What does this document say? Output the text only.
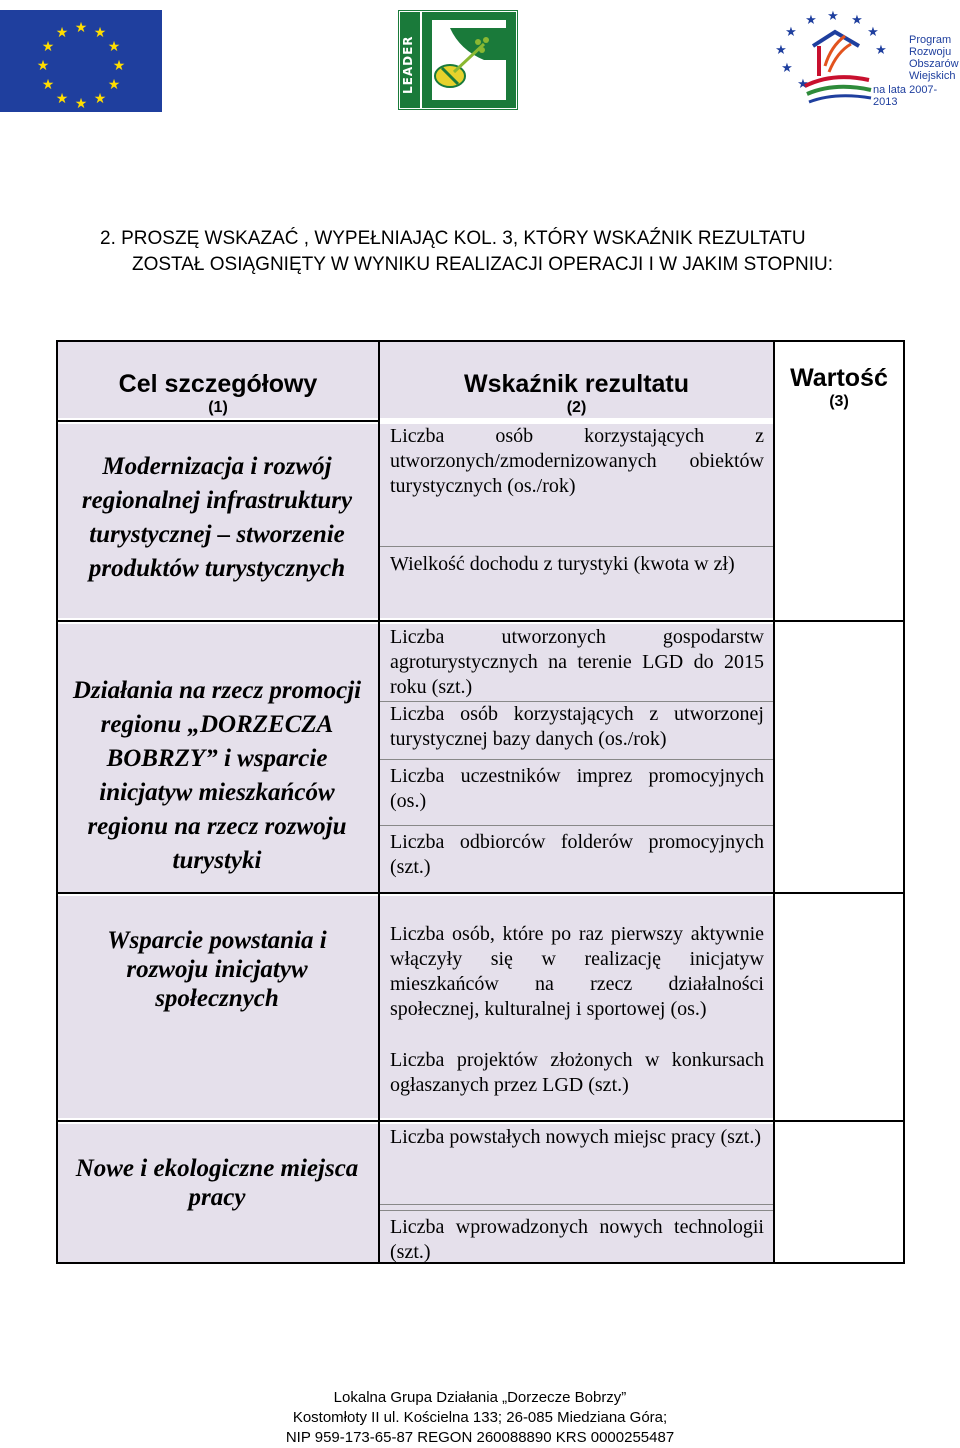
★ ★
★
★
★
★
★
★
★
★
★
★
LEADER
★
★
★
★
★ ★ ★
★
★
Program
Rozwoju
Obszarów
Wiejskich
na lata 2007-2013
2. PROSZĘ WSKAZAĆ , WYPEŁNIAJĄC KOL. 3, KTÓRY WSKAŹNIK REZULTATU
ZOSTAŁ OSIĄGNIĘTY W WYNIKU REALIZACJI OPERACJI I W JAKIM STOPNIU:
Cel szczegółowy
(1)
Wskaźnik rezultatu
(2)
Wartość
(3)
Modernizacja i rozwój regionalnej infrastruktury turystycznej – stworzenie produktów turystycznych
Działania na rzecz promocji regionu „DORZECZA BOBRZY” i wsparcie inicjatyw mieszkańców regionu na rzecz rozwoju turystyki
Wsparcie powstania i rozwoju inicjatyw społecznych
Nowe i ekologiczne miejsca pracy
Liczba osób korzystających z utworzonych/zmodernizowanych obiektów turystycznych (os./rok)
Wielkość dochodu z turystyki (kwota w zł)
Liczba utworzonych gospodarstw agroturystycznych na terenie LGD do 2015 roku (szt.)
Liczba osób korzystających z utworzonej turystycznej bazy danych (os./rok)
Liczba uczestników imprez promocyjnych (os.)
Liczba odbiorców folderów promocyjnych (szt.)
Liczba osób, które po raz pierwszy aktywnie włączyły się w realizację inicjatyw mieszkańców na rzecz działalności społecznej, kulturalnej i sportowej (os.)
Liczba projektów złożonych w konkursach ogłaszanych przez LGD (szt.)
Liczba powstałych nowych miejsc pracy (szt.)
Liczba wprowadzonych nowych technologii (szt.)
Lokalna Grupa Działania „Dorzecze Bobrzy”
Kostomłoty II ul. Kościelna 133; 26-085 Miedziana Góra;
NIP 959-173-65-87 REGON 260088890 KRS 0000255487
